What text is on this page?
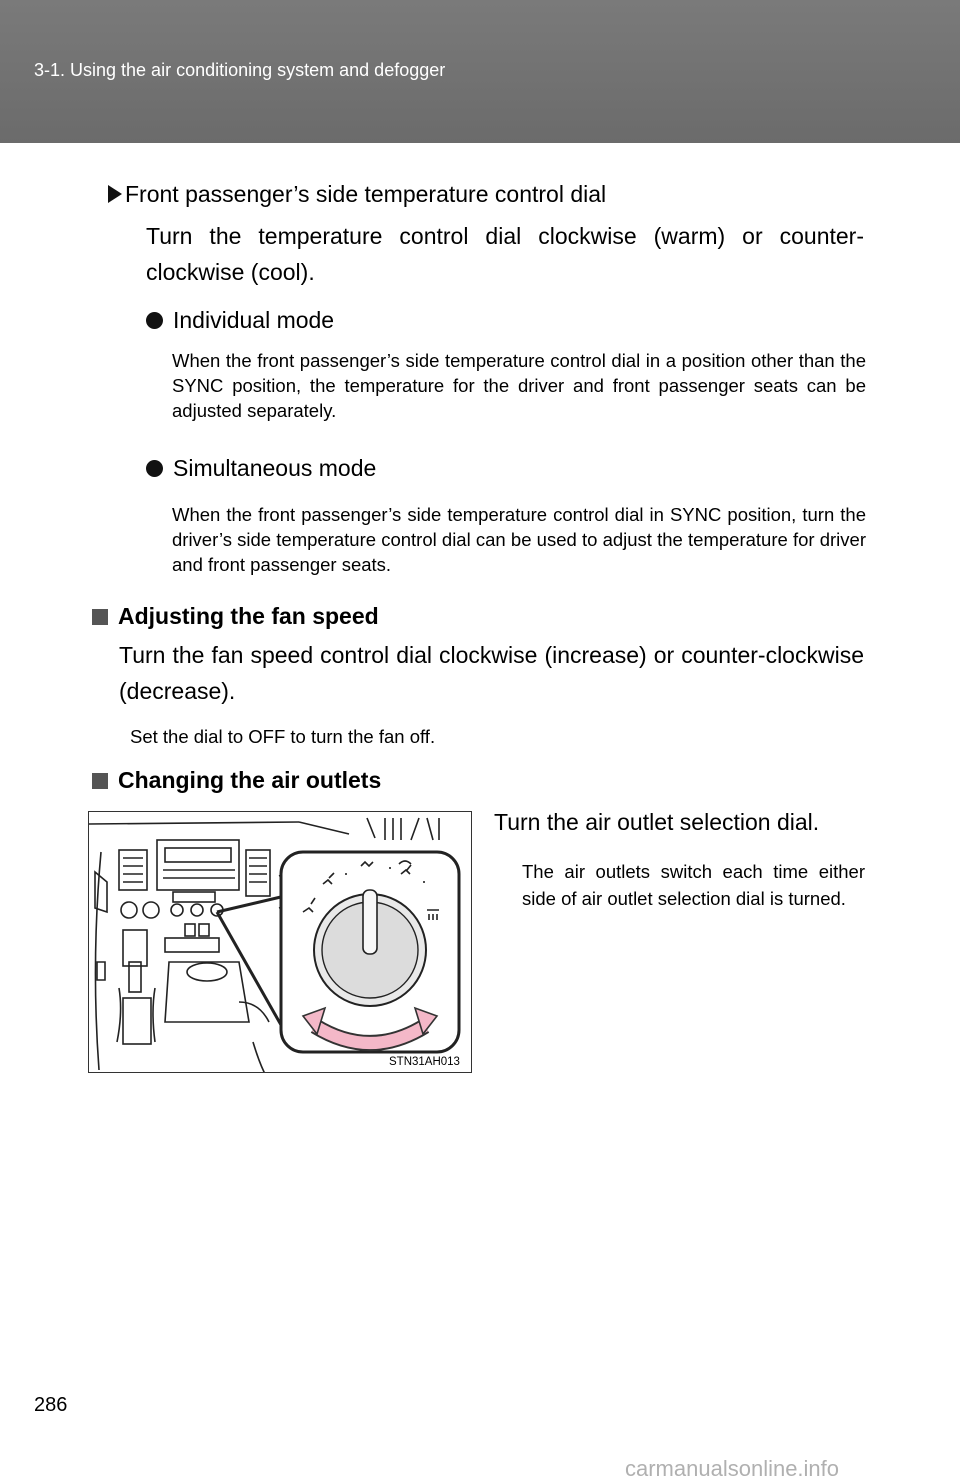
3-1. Using the air conditioning system and defogger
Front passenger’s side temperature control dial
Turn the temperature control dial clockwise (warm) or counter-clockwise (cool).
Individual mode
When the front passenger’s side temperature control dial in a position other than the SYNC position, the temperature for the driver and front passenger seats can be adjusted separately.
Simultaneous mode
When the front passenger’s side temperature control dial in SYNC position, turn the driver’s side temperature control dial can be used to adjust the temperature for driver and front passenger seats.
Adjusting the fan speed
Turn the fan speed control dial clockwise (increase) or counter-clockwise (decrease).
Set the dial to OFF to turn the fan off.
Changing the air outlets
Turn the air outlet selection dial.
The air outlets switch each time either side of air outlet selection dial is turned.
STN31AH013
286
carmanualsonline.info
